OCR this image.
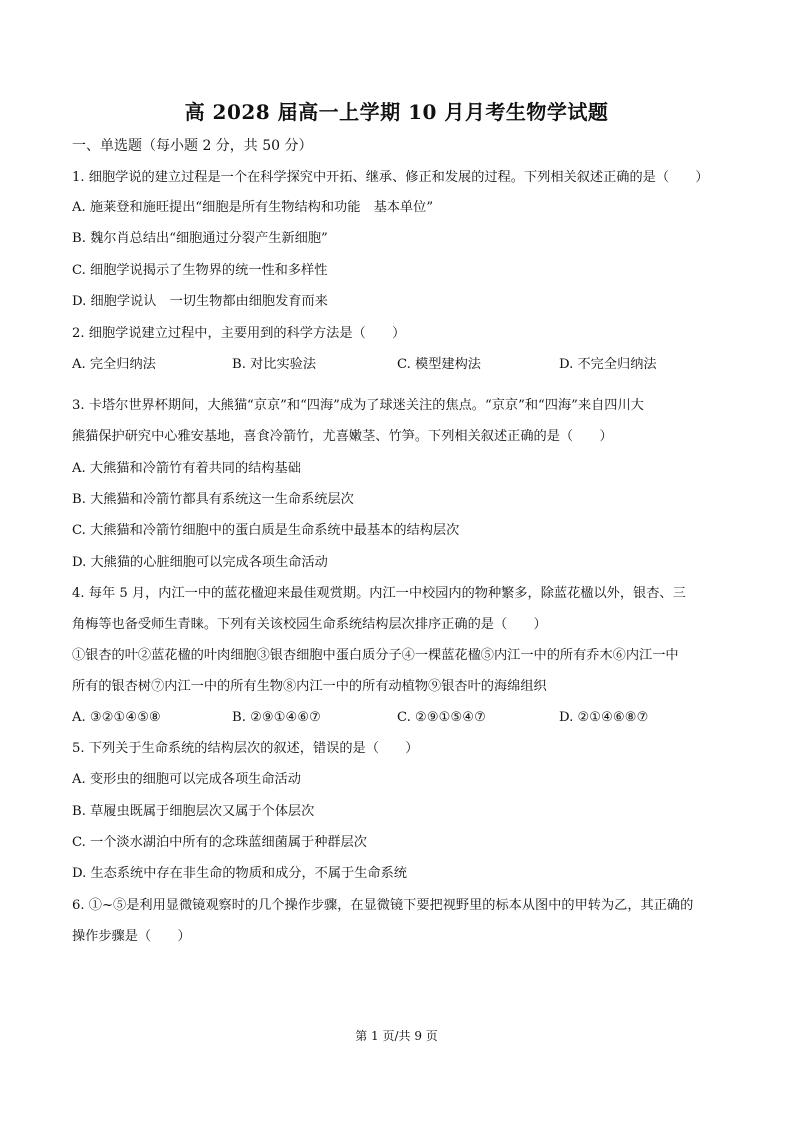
高 2028 届高一上学期 10 月月考生物学试题
一、单选题（每小题 2 分，共 50 分）
1. 细胞学说的建立过程是一个在科学探究中开拓、继承、修正和发展的过程。下列相关叙述正确的是（　　）
A. 施莱登和施旺提出“细胞是所有生物结构和功能　基本单位”
B. 魏尔肖总结出“细胞通过分裂产生新细胞”
C. 细胞学说揭示了生物界的统一性和多样性
D. 细胞学说认　一切生物都由细胞发育而来
2. 细胞学说建立过程中，主要用到的科学方法是（　　）
A. 完全归纳法	B. 对比实验法	C. 模型建构法	D. 不完全归纳法
3. 卡塔尔世界杯期间，大熊猫“京京”和“四海”成为了球迷关注的焦点。“京京”和“四海”来自四川大
熊猫保护研究中心雅安基地，喜食冷箭竹，尤喜嫩茎、竹笋。下列相关叙述正确的是（　　）
A. 大熊猫和冷箭竹有着共同的结构基础
B. 大熊猫和冷箭竹都具有系统这一生命系统层次
C. 大熊猫和冷箭竹细胞中的蛋白质是生命系统中最基本的结构层次
D. 大熊猫的心脏细胞可以完成各项生命活动
4. 每年 5 月，内江一中的蓝花楹迎来最佳观赏期。内江一中校园内的物种繁多，除蓝花楹以外，银杏、三
角梅等也备受师生青睐。下列有关该校园生命系统结构层次排序正确的是（　　）
①银杏的叶②蓝花楹的叶肉细胞③银杏细胞中蛋白质分子④一棵蓝花楹⑤内江一中的所有乔木⑥内江一中
所有的银杏树⑦内江一中的所有生物⑧内江一中的所有动植物⑨银杏叶的海绵组织
A. ③②①④⑤⑧	B. ②⑨①④⑥⑦	C. ②⑨①⑤④⑦	D. ②①④⑥⑧⑦
5. 下列关于生命系统的结构层次的叙述，错误的是（　　）
A. 变形虫的细胞可以完成各项生命活动
B. 草履虫既属于细胞层次又属于个体层次
C. 一个淡水湖泊中所有的念珠蓝细菌属于种群层次
D. 生态系统中存在非生命的物质和成分，不属于生命系统
6. ①~⑤是利用显微镜观察时的几个操作步骤，在显微镜下要把视野里的标本从图中的甲转为乙，其正确的
操作步骤是（　　）
第 1 页/共 9 页
